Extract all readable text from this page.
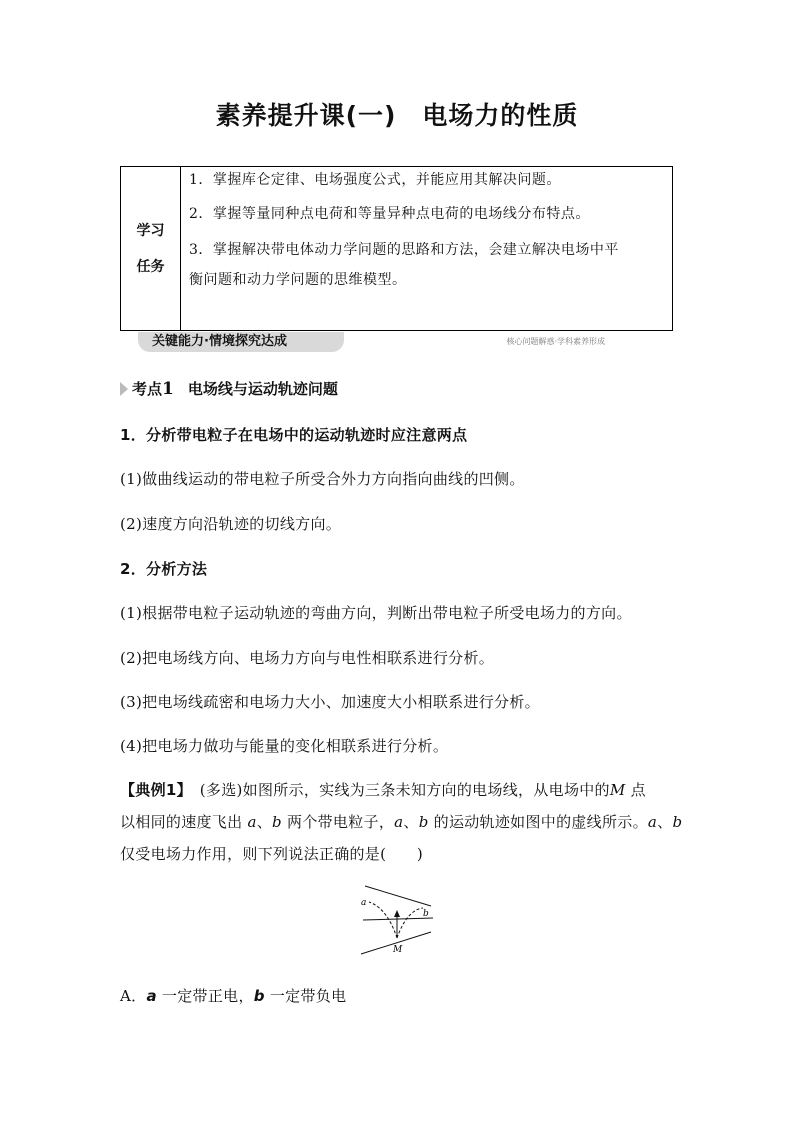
素养提升课(一)　电场力的性质
学习
任务
1．掌握库仑定律、电场强度公式，并能应用其解决问题。
2．掌握等量同种点电荷和等量异种点电荷的电场线分布特点。
3．掌握解决带电体动力学问题的思路和方法，会建立解决电场中平
衡问题和动力学问题的思维模型。
关键能力·情境探究达成	核心问题解惑·学科素养形成
考点 1 电场线与运动轨迹问题
1．分析带电粒子在电场中的运动轨迹时应注意两点
(1)做曲线运动的带电粒子所受合外力方向指向曲线的凹侧。
(2)速度方向沿轨迹的切线方向。
2．分析方法
(1)根据带电粒子运动轨迹的弯曲方向，判断出带电粒子所受电场力的方向。
(2)把电场线方向、电场力方向与电性相联系进行分析。
(3)把电场线疏密和电场力大小、加速度大小相联系进行分析。
(4)把电场力做功与能量的变化相联系进行分析。
【典例1】　(多选)如图所示，实线为三条未知方向的电场线，从电场中的M 点
以相同的速度飞出 a、b 两个带电粒子，a、b 的运动轨迹如图中的虚线所示。a、b
仅受电场力作用，则下列说法正确的是(　　)
a
b
M
A．a 一定带正电，b 一定带负电
